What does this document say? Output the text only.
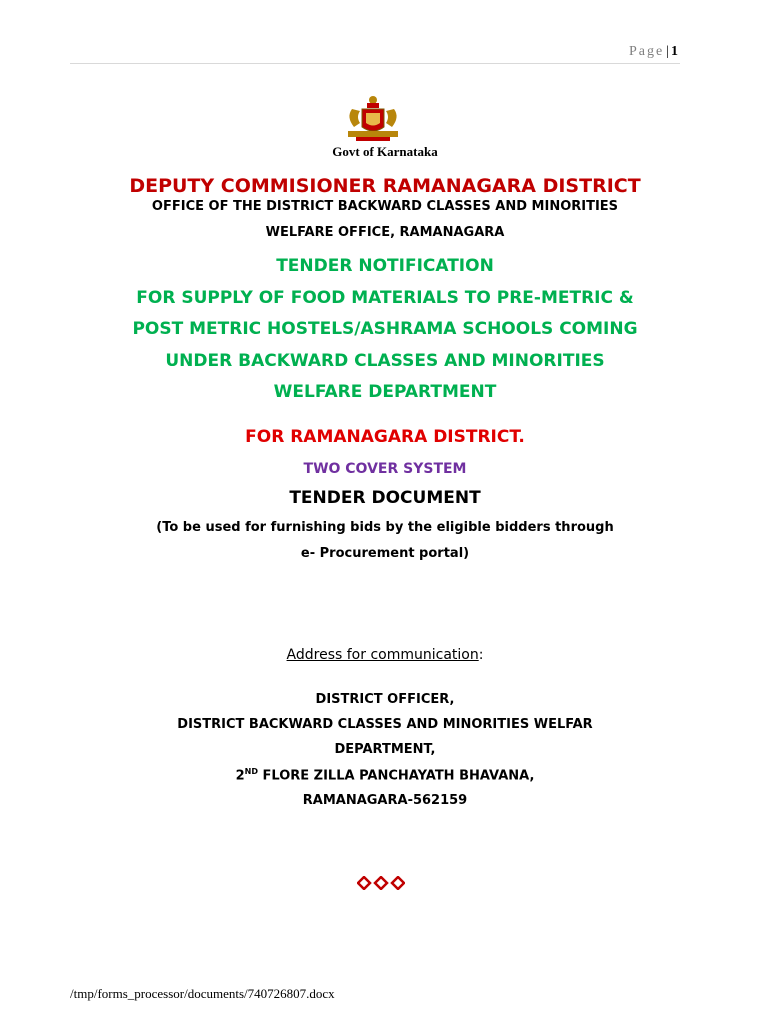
Page | 1
Govt of Karnataka
DEPUTY COMMISIONER RAMANAGARA DISTRICT
OFFICE OF THE DISTRICT BACKWARD CLASSES AND MINORITIES
WELFARE OFFICE, RAMANAGARA
TENDER NOTIFICATION
FOR SUPPLY OF FOOD MATERIALS TO PRE-METRIC &
POST METRIC HOSTELS/ASHRAMA SCHOOLS COMING
UNDER BACKWARD CLASSES AND MINORITIES
WELFARE DEPARTMENT
FOR RAMANAGARA DISTRICT.
TWO COVER SYSTEM
TENDER DOCUMENT
(To be used for furnishing bids by the eligible bidders through
e- Procurement portal)
Address for communication:
DISTRICT OFFICER,
DISTRICT BACKWARD CLASSES AND MINORITIES WELFAR
DEPARTMENT,
2ND FLORE ZILLA PANCHAYATH BHAVANA,
RAMANAGARA-562159
/tmp/forms_processor/documents/740726807.docx
